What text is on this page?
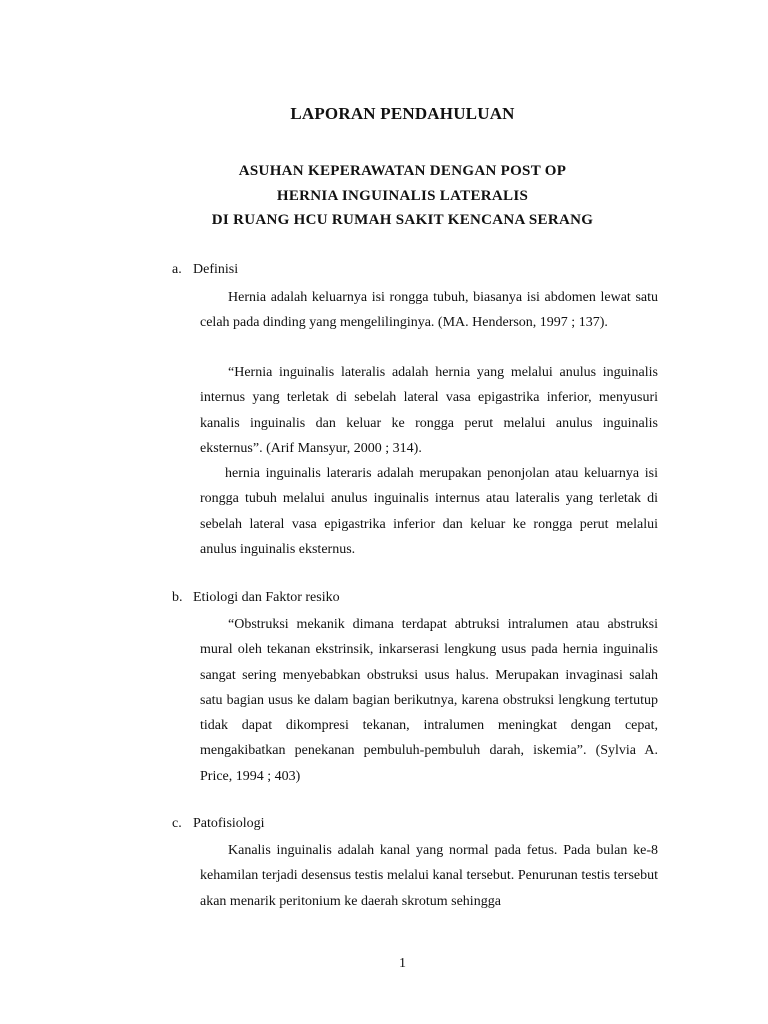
LAPORAN PENDAHULUAN
ASUHAN KEPERAWATAN DENGAN POST OP
HERNIA INGUINALIS LATERALIS
DI RUANG HCU RUMAH SAKIT KENCANA SERANG
a. Definisi

Hernia adalah keluarnya isi rongga tubuh, biasanya isi abdomen lewat satu celah pada dinding yang mengelilinginya. (MA. Henderson, 1997 ; 137).

“Hernia inguinalis lateralis adalah hernia yang melalui anulus inguinalis internus yang terletak di sebelah lateral vasa epigastrika inferior, menyusuri kanalis inguinalis dan keluar ke rongga perut melalui anulus inguinalis eksternus”. (Arif Mansyur, 2000 ; 314).

hernia inguinalis lateraris adalah merupakan penonjolan atau keluarnya isi rongga tubuh melalui anulus inguinalis internus atau lateralis yang terletak di sebelah lateral vasa epigastrika inferior dan keluar ke rongga perut melalui anulus inguinalis eksternus.

b. Etiologi dan Faktor resiko

“Obstruksi mekanik dimana terdapat abtruksi intralumen atau abstruksi mural oleh tekanan ekstrinsik, inkarserasi lengkung usus pada hernia inguinalis sangat sering menyebabkan obstruksi usus halus. Merupakan invaginasi salah satu bagian usus ke dalam bagian berikutnya, karena obstruksi lengkung tertutup tidak dapat dikompresi tekanan, intralumen meningkat dengan cepat, mengakibatkan penekanan pembuluh-pembuluh darah, iskemia”. (Sylvia A. Price, 1994 ; 403)

c. Patofisiologi

Kanalis inguinalis adalah kanal yang normal pada fetus. Pada bulan ke-8 kehamilan terjadi desensus testis melalui kanal tersebut. Penurunan testis tersebut akan menarik peritonium ke daerah skrotum sehingga

1
